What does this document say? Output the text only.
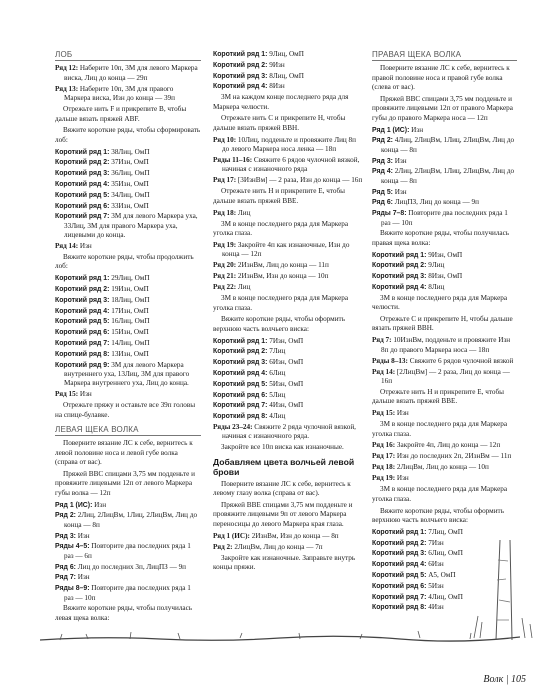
ЛОБ
Ряд 12: Наберите 10п, 3М для левого Маркера виска, Лиц до конца — 29п
Ряд 13: Наберите 10п, 3М для правого Маркера виска, Изн до конца — 39п
Отрежьте нить F и прикрепите B, чтобы дальше вязать пряжей ABF.
Вяжите короткие ряды, чтобы сформировать лоб:
Короткий ряд 1: 38Лиц, ОмП
Короткий ряд 2: 37Изн, ОмП
Короткий ряд 3: 36Лиц, ОмП
Короткий ряд 4: 35Изн, ОмП
Короткий ряд 5: 34Лиц, ОмП
Короткий ряд 6: 33Изн, ОмП
Короткий ряд 7: 3М для левого Маркера уха, 33Лиц, 3М для правого Маркера уха, лицевыми до конца.
Ряд 14: Изн
Вяжите короткие ряды, чтобы продолжить лоб:
Короткий ряд 1: 29Лиц, ОмП
Короткий ряд 2: 19Изн, ОмП
Короткий ряд 3: 18Лиц, ОмП
Короткий ряд 4: 17Изн, ОмП
Короткий ряд 5: 16Лиц, ОмП
Короткий ряд 6: 15Изн, ОмП
Короткий ряд 7: 14Лиц, ОмП
Короткий ряд 8: 13Изн, ОмП
Короткий ряд 9: 3М для левого Маркера внутреннего уха, 13Лиц, 3М для правого Маркера внутреннего уха, Лиц до конца.
Ряд 15: Изн
Отрежьте пряжу и оставьте все 39п головы на спице-булавке.
ЛЕВАЯ ЩЕКА ВОЛКА
Поверните вязание ЛС к себе, вернитесь к левой половине носа и левой губе волка (справа от вас).
Пряжей BBC спицами 3,75 мм подденьте и провяжите лицевыми 12п от левого Маркера губы волка — 12п
Ряд 1 (ИС): Изн
Ряд 2: 2Лиц, 2ЛицВм, 1Лиц, 2ЛицВм, Лиц до конца — 8п
Ряд 3: Изн
Ряды 4–5: Повторите два последних ряда 1 раз — 6п
Ряд 6: Лиц до последних 3п, ЛицПЗ — 9п
Ряд 7: Изн
Ряды 8–9: Повторите два последних ряда 1 раз — 10п
Вяжите короткие ряды, чтобы получилась левая щека волка:
Короткий ряд 1: 9Лиц, ОмП
Короткий ряд 2: 9Изн
Короткий ряд 3: 8Лиц, ОмП
Короткий ряд 4: 8Изн
3М на каждом конце последнего ряда для Маркера челюсти.
Отрежьте нить C и прикрепите H, чтобы дальше вязать пряжей BBH.
Ряд 10: 10Лиц, подденьте и провяжите Лиц 8п до левого Маркера носа ленка — 18п
Ряды 11–16: Свяжите 6 рядов чулочной вязкой, начиная с изнаночного ряда
Ряд 17: [3ИзнВм] — 2 раза, Изн до конца — 16п
Отрежьте нить H и прикрепите E, чтобы дальше вязать пряжей BBE.
Ряд 18: Лиц
3М в конце последнего ряда для Маркера уголка глаза.
Ряд 19: Закройте 4п как изнаночные, Изн до конца — 12п
Ряд 20: 2ИзнВм, Лиц до конца — 11п
Ряд 21: 2ИзнВм, Изн до конца — 10п
Ряд 22: Лиц
3М в конце последнего ряда для Маркера уголка глаза.
Вяжите короткие ряды, чтобы оформить верхнюю часть волчьего виска:
Короткий ряд 1: 7Изн, ОмП
Короткий ряд 2: 7Лиц
Короткий ряд 3: 6Изн, ОмП
Короткий ряд 4: 6Лиц
Короткий ряд 5: 5Изн, ОмП
Короткий ряд 6: 5Лиц
Короткий ряд 7: 4Изн, ОмП
Короткий ряд 8: 4Лиц
Ряды 23–24: Свяжите 2 ряда чулочной вязкой, начиная с изнаночного ряда.
Закройте все 10п виска как изнаночные.
Добавляем цвета волчьей левой брови
Поверните вязание ЛС к себе, вернитесь к левому глазу волка (справа от вас).
Пряжей BBE спицами 3,75 мм подденьте и провяжите лицевыми 9п от левого Маркера переносицы до левого Маркера края глаза.
Ряд 1 (ИС): 2ИзнВм, Изн до конца — 8п
Ряд 2: 2ЛицВм, Лиц до конца — 7п
Закройте как изнаночные. Заправьте внутрь концы пряжи.
ПРАВАЯ ЩЕКА ВОЛКА
Поверните вязание ЛС к себе, вернитесь к правой половине носа и правой губе волка (слева от вас).
Пряжей BBC спицами 3,75 мм подденьте и провяжите лицевыми 12п от правого Маркера губы до правого Маркера носа — 12п
Ряд 1 (ИС): Изн
Ряд 2: 4Лиц, 2ЛицВм, 1Лиц, 2ЛицВм, Лиц до конца — 8п
Ряд 3: Изн
Ряд 4: 2Лиц, 2ЛицВм, 1Лиц, 2ЛицВм, Лиц до конца — 8п
Ряд 5: Изн
Ряд 6: ЛицПЗ, Лиц до конца — 9п
Ряды 7–8: Повторите два последних ряда 1 раз — 10п
Вяжите короткие ряды, чтобы получилась правая щека волка:
Короткий ряд 1: 9Изн, ОмП
Короткий ряд 2: 9Лиц
Короткий ряд 3: 8Изн, ОмП
Короткий ряд 4: 8Лиц
3М в конце последнего ряда для Маркера челюсти.
Отрежьте C и прикрепите H, чтобы дальше вязать пряжей BBH.
Ряд 7: 10ИзнВм, подденьте и провяжите Изн 8п до правого Маркера носа — 18п
Ряды 8–13: Свяжите 6 рядов чулочной вязкой
Ряд 14: [2ЛицВм] — 2 раза, Лиц до конца — 16п
Отрежьте нить H и прикрепите E, чтобы дальше вязать пряжей BBE.
Ряд 15: Изн
3М в конце последнего ряда для Маркера уголка глаза.
Ряд 16: Закройте 4п, Лиц до конца — 12п
Ряд 17: Изн до последних 2п, 2ИзнВм — 11п
Ряд 18: 2ЛицВм, Лиц до конца — 10п
Ряд 19: Изн
3М в конце последнего ряда для Маркера уголка глаза.
Вяжите короткие ряды, чтобы оформить верхнюю часть волчьего виска:
Короткий ряд 1: 7Лиц, ОмП
Короткий ряд 2: 7Изн
Короткий ряд 3: 6Лиц, ОмП
Короткий ряд 4: 6Изн
Короткий ряд 5: А5, ОмП
Короткий ряд 6: 5Изн
Короткий ряд 7: 4Лиц, ОмП
Короткий ряд 8: 4Изн
Волк | 105
